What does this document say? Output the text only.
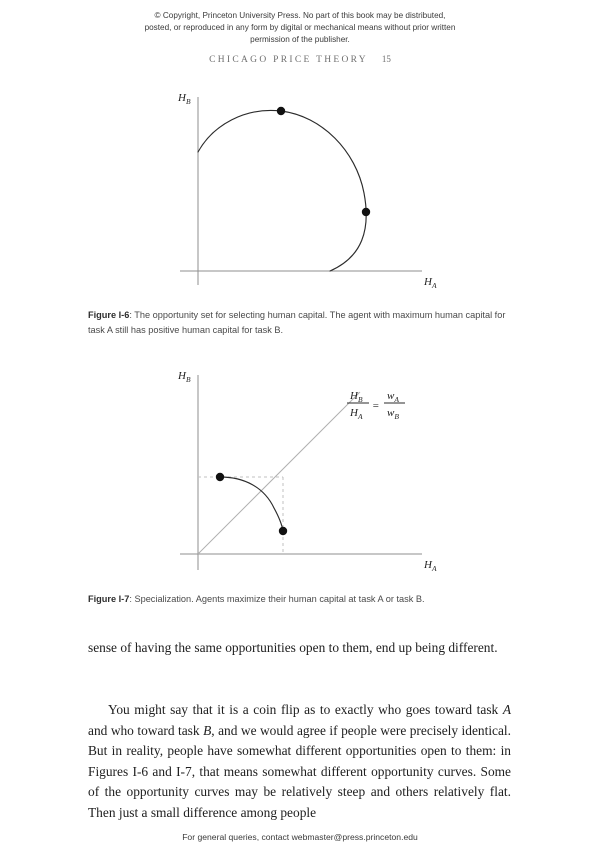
© Copyright, Princeton University Press. No part of this book may be distributed, posted, or reproduced in any form by digital or mechanical means without prior written permission of the publisher.
CHICAGO PRICE THEORY 15
$H_B$
$H_A$
Figure I-6: The opportunity set for selecting human capital. The agent with maximum human capital for task A still has positive human capital for task B.
$H_B$
$H_A$
$H_B$
$H_A$
=
$w_A$
$w_B$
Figure I-7: Specialization. Agents maximize their human capital at task A or task B.
sense of having the same opportunities open to them, end up being different.
You might say that it is a coin flip as to exactly who goes toward task A and who toward task B, and we would agree if people were precisely identical. But in reality, people have somewhat different opportunities open to them: in Figures I-6 and I-7, that means somewhat different opportunity curves. Some of the opportunity curves may be relatively steep and others relatively flat. Then just a small difference among people
For general queries, contact webmaster@press.princeton.edu
